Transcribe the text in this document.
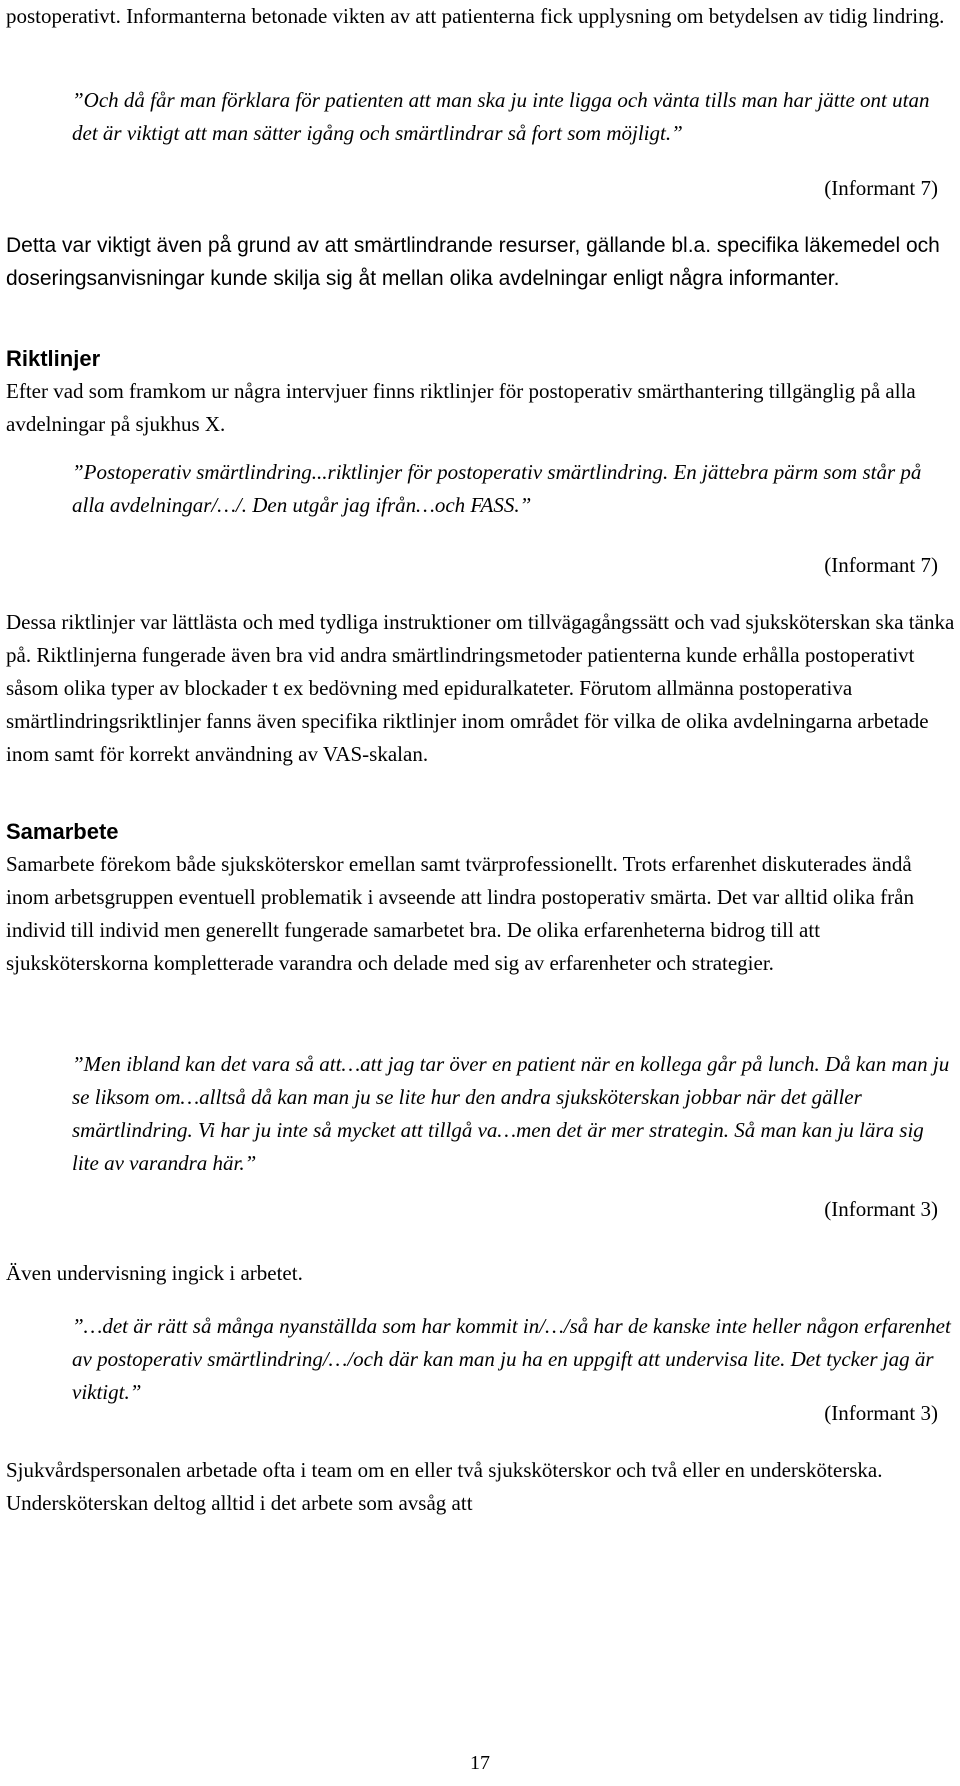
postoperativt. Informanterna betonade vikten av att patienterna fick upplysning om betydelsen av tidig lindring.

”Och då får man förklara för patienten att man ska ju inte ligga och vänta tills man har jätte ont utan det är viktigt att man sätter igång och smärtlindrar så fort som möjligt.”

(Informant 7)

Detta var viktigt även på grund av att smärtlindrande resurser, gällande bl.a. specifika läkemedel och doseringsanvisningar kunde skilja sig åt mellan olika avdelningar enligt några informanter.

Riktlinjer

Efter vad som framkom ur några intervjuer finns riktlinjer för postoperativ smärthantering tillgänglig på alla avdelningar på sjukhus X.

”Postoperativ smärtlindring...riktlinjer för postoperativ smärtlindring. En jättebra pärm som står på alla avdelningar/…/. Den utgår jag ifrån…och FASS.”

(Informant 7)

Dessa riktlinjer var lättlästa och med tydliga instruktioner om tillvägagångssätt och vad sjuksköterskan ska tänka på. Riktlinjerna fungerade även bra vid andra smärtlindringsmetoder patienterna kunde erhålla postoperativt såsom olika typer av blockader t ex bedövning med epiduralkateter. Förutom allmänna postoperativa smärtlindringsriktlinjer fanns även specifika riktlinjer inom området för vilka de olika avdelningarna arbetade inom samt för korrekt användning av VAS-skalan.

Samarbete

Samarbete förekom både sjuksköterskor emellan samt tvärprofessionellt. Trots erfarenhet diskuterades ändå inom arbetsgruppen eventuell problematik i avseende att lindra postoperativ smärta. Det var alltid olika från individ till individ men generellt fungerade samarbetet bra. De olika erfarenheterna bidrog till att sjuksköterskorna kompletterade varandra och delade med sig av erfarenheter och strategier.

”Men ibland kan det vara så att…att jag tar över en patient när en kollega går på lunch. Då kan man ju se liksom om…alltså då kan man ju se lite hur den andra sjuksköterskan jobbar när det gäller smärtlindring. Vi har ju inte så mycket att tillgå va…men det är mer strategin. Så man kan ju lära sig lite av varandra här.”

(Informant 3)

Även undervisning ingick i arbetet.

”…det är rätt så många nyanställda som har kommit in/…/så har de kanske inte heller någon erfarenhet av postoperativ smärtlindring/…/och där kan man ju ha en uppgift att undervisa lite. Det tycker jag är viktigt.”

(Informant 3)

Sjukvårdspersonalen arbetade ofta i team om en eller två sjuksköterskor och två eller en undersköterska. Undersköterskan deltog alltid i det arbete som avsåg att

17
